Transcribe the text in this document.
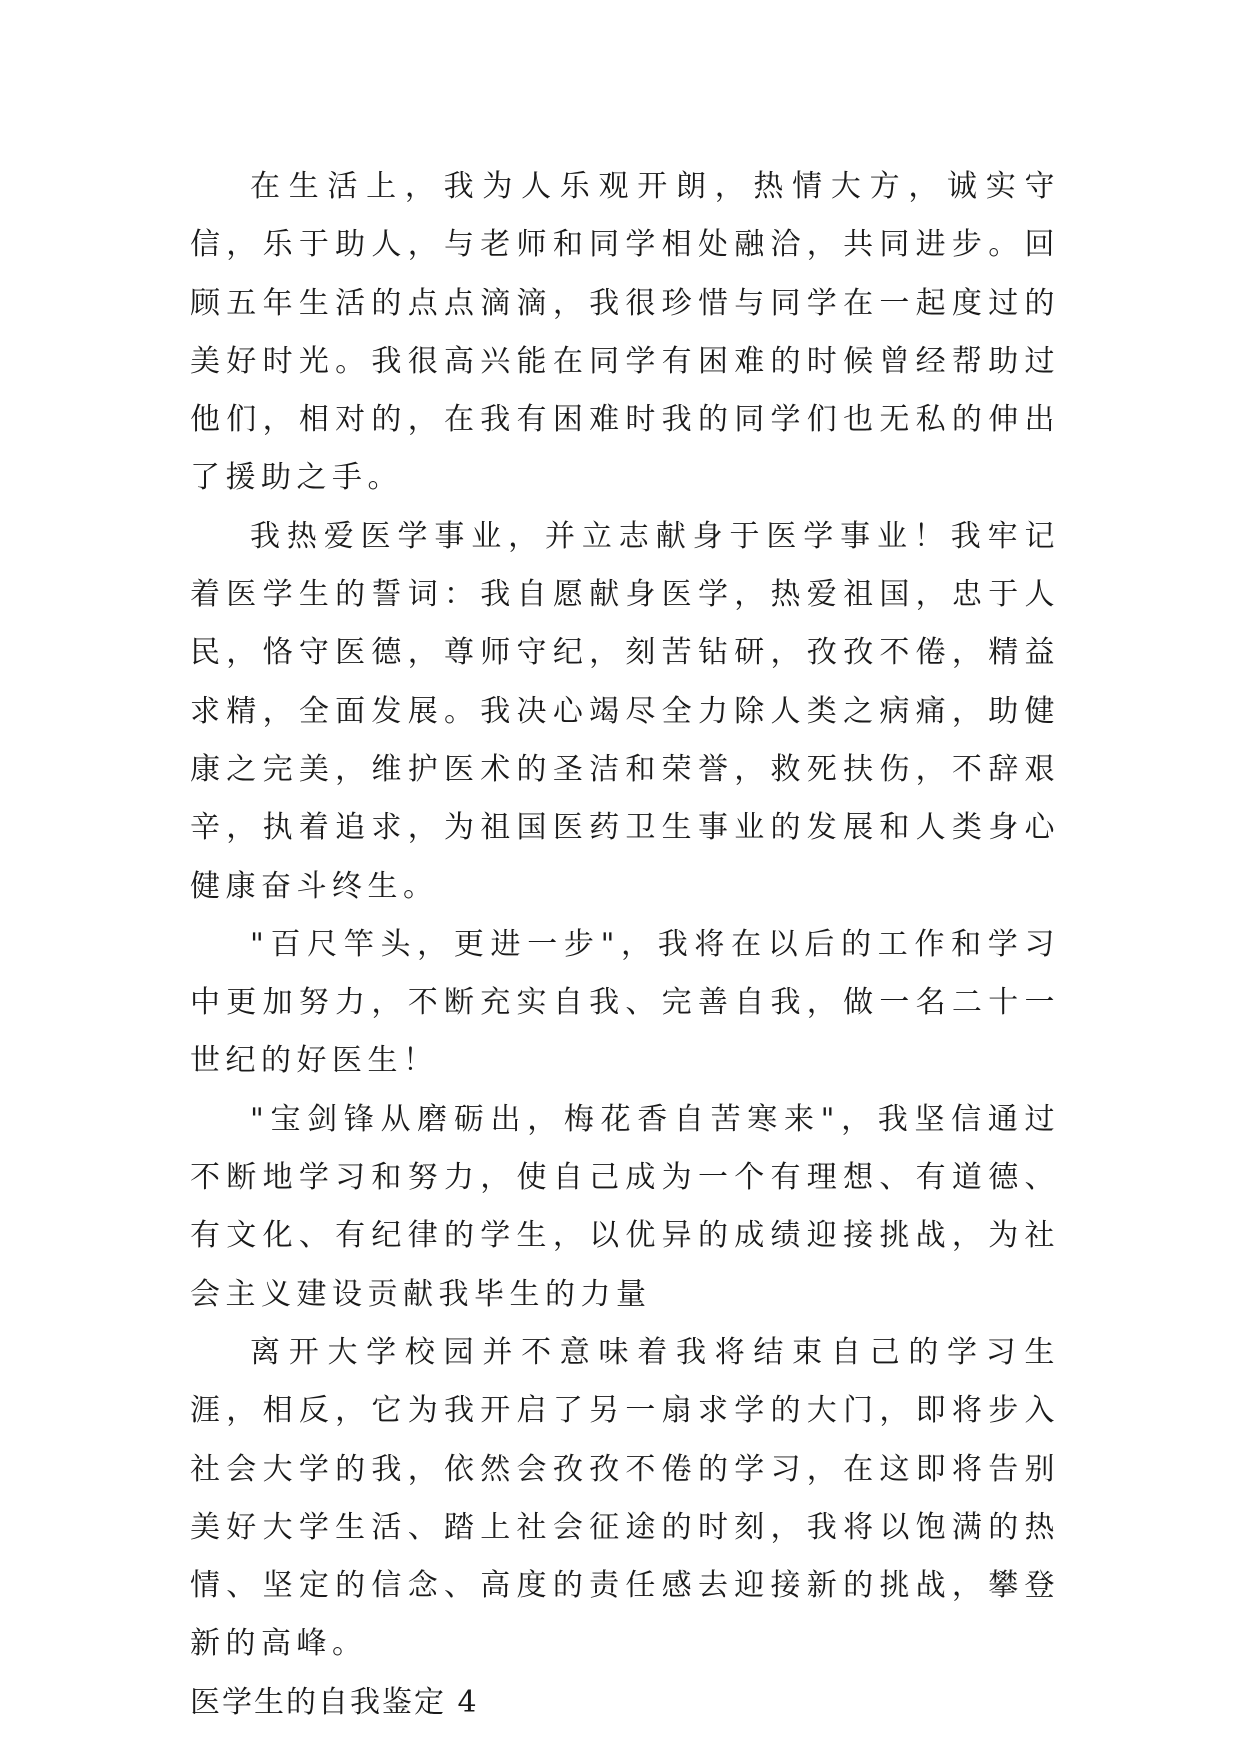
在生活上，我为人乐观开朗，热情大方，诚实守信，乐于助人，与老师和同学相处融洽，共同进步。回顾五年生活的点点滴滴，我很珍惜与同学在一起度过的美好时光。我很高兴能在同学有困难的时候曾经帮助过他们，相对的，在我有困难时我的同学们也无私的伸出了援助之手。

我热爱医学事业，并立志献身于医学事业！我牢记着医学生的誓词：我自愿献身医学，热爱祖国，忠于人民，恪守医德，尊师守纪，刻苦钻研，孜孜不倦，精益求精，全面发展。我决心竭尽全力除人类之病痛，助健康之完美，维护医术的圣洁和荣誉，救死扶伤，不辞艰辛，执着追求，为祖国医药卫生事业的发展和人类身心健康奋斗终生。

"百尺竿头，更进一步"，我将在以后的工作和学习中更加努力，不断充实自我、完善自我，做一名二十一世纪的好医生！

"宝剑锋从磨砺出，梅花香自苦寒来"，我坚信通过不断地学习和努力，使自己成为一个有理想、有道德、有文化、有纪律的学生，以优异的成绩迎接挑战，为社会主义建设贡献我毕生的力量

离开大学校园并不意味着我将结束自己的学习生涯，相反，它为我开启了另一扇求学的大门，即将步入社会大学的我，依然会孜孜不倦的学习，在这即将告别美好大学生活、踏上社会征途的时刻，我将以饱满的热情、坚定的信念、高度的责任感去迎接新的挑战，攀登新的高峰。

医学生的自我鉴定 4
